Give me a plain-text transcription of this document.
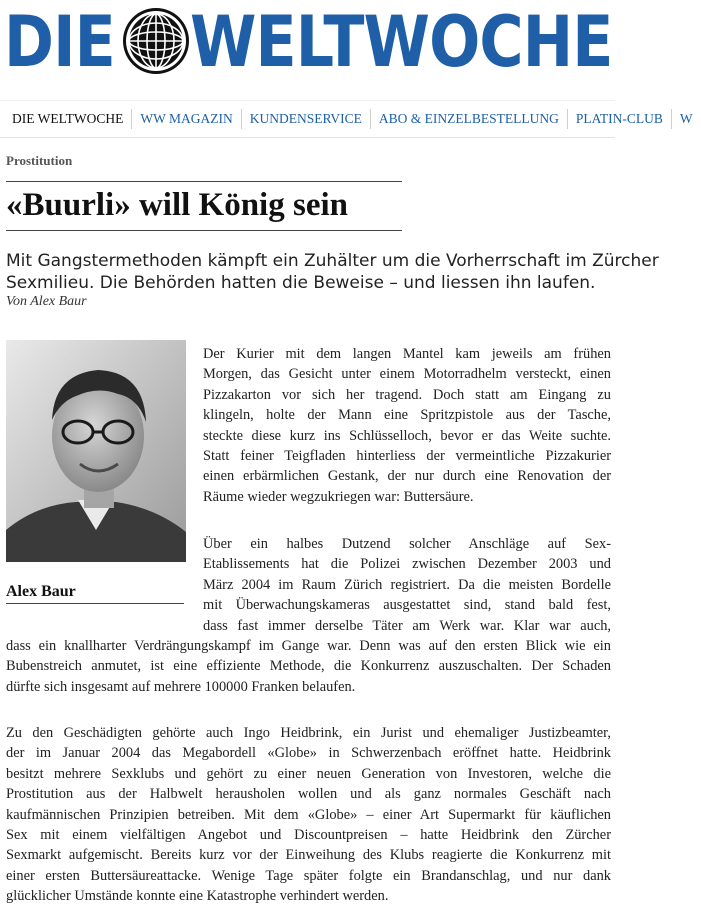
DIE WELTWOCHE
DIE WELTWOCHE	WW MAGAZIN	KUNDENSERVICE	ABO & EINZELBESTELLUNG	PLATIN-CLUB	W
Prostitution
«Buurli» will König sein
Mit Gangstermethoden kämpft ein Zuhälter um die Vorherrschaft im Zürcher
Sexmilieu. Die Behörden hatten die Beweise – und liessen ihn laufen.
Von Alex Baur
Alex Baur
Der Kurier mit dem langen Mantel kam jeweils am frühen
Morgen, das Gesicht unter einem Motorradhelm versteckt, einen
Pizzakarton vor sich her tragend. Doch statt am Eingang zu
klingeln, holte der Mann eine Spritzpistole aus der Tasche,
steckte diese kurz ins Schlüsselloch, bevor er das Weite suchte.
Statt feiner Teigfladen hinterliess der vermeintliche Pizzakurier
einen erbärmlichen Gestank, der nur durch eine Renovation der
Räume wieder wegzukriegen war: Buttersäure.
Über ein halbes Dutzend solcher Anschläge auf Sex-
Etablissements hat die Polizei zwischen Dezember 2003 und
März 2004 im Raum Zürich registriert. Da die meisten Bordelle
mit Überwachungskameras ausgestattet sind, stand bald fest,
dass fast immer derselbe Täter am Werk war. Klar war auch,
dass ein knallharter Verdrängungskampf im Gange war. Denn was auf den ersten Blick wie ein
Bubenstreich anmutet, ist eine effiziente Methode, die Konkurrenz auszuschalten. Der Schaden
dürfte sich insgesamt auf mehrere 100000 Franken belaufen.
Zu den Geschädigten gehörte auch Ingo Heidbrink, ein Jurist und ehemaliger Justizbeamter,
der im Januar 2004 das Megabordell «Globe» in Schwerzenbach eröffnet hatte. Heidbrink
besitzt mehrere Sexklubs und gehört zu einer neuen Generation von Investoren, welche die
Prostitution aus der Halbwelt herausholen wollen und als ganz normales Geschäft nach
kaufmännischen Prinzipien betreiben. Mit dem «Globe» – einer Art Supermarkt für käuflichen
Sex mit einem vielfältigen Angebot und Discountpreisen – hatte Heidbrink den Zürcher
Sexmarkt aufgemischt. Bereits kurz vor der Einweihung des Klubs reagierte die Konkurrenz mit
einer ersten Buttersäureattacke. Wenige Tage später folgte ein Brandanschlag, und nur dank
glücklicher Umstände konnte eine Katastrophe verhindert werden.
